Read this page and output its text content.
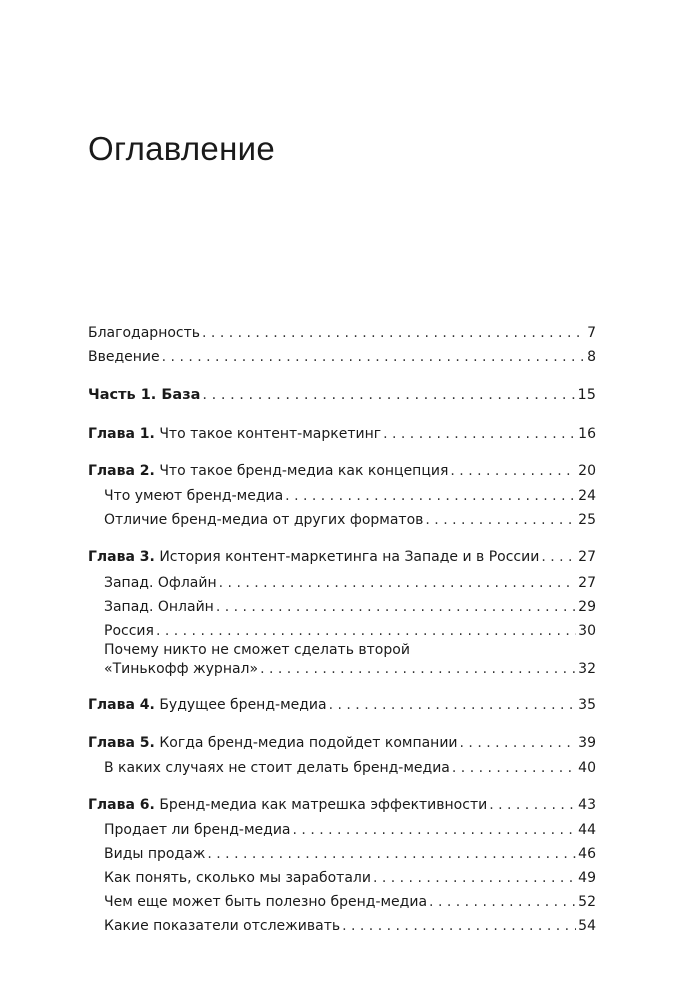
Оглавление
Благодарность . . .	7
Введение . . .	8
Часть 1. База . . .	15
Глава 1. Что такое контент-маркетинг . . .	16
Глава 2. Что такое бренд-медиа как концепция . . .	20
Что умеют бренд-медиа . . .	24
Отличие бренд-медиа от других форматов . . .	25
Глава 3. История контент-маркетинга на Западе и в России . . .	27
Запад. Офлайн . . .	27
Запад. Онлайн . . .	29
Россия . . .	30
Почему никто не сможет сделать второй
«Тинькофф журнал» . . .	32
Глава 4. Будущее бренд-медиа . . .	35
Глава 5. Когда бренд-медиа подойдет компании . . .	39
В каких случаях не стоит делать бренд-медиа . . .	40
Глава 6. Бренд-медиа как матрешка эффективности . . .	43
Продает ли бренд-медиа . . .	44
Виды продаж . . .	46
Как понять, сколько мы заработали . . .	49
Чем еще может быть полезно бренд-медиа . . .	52
Какие показатели отслеживать . . .	54
